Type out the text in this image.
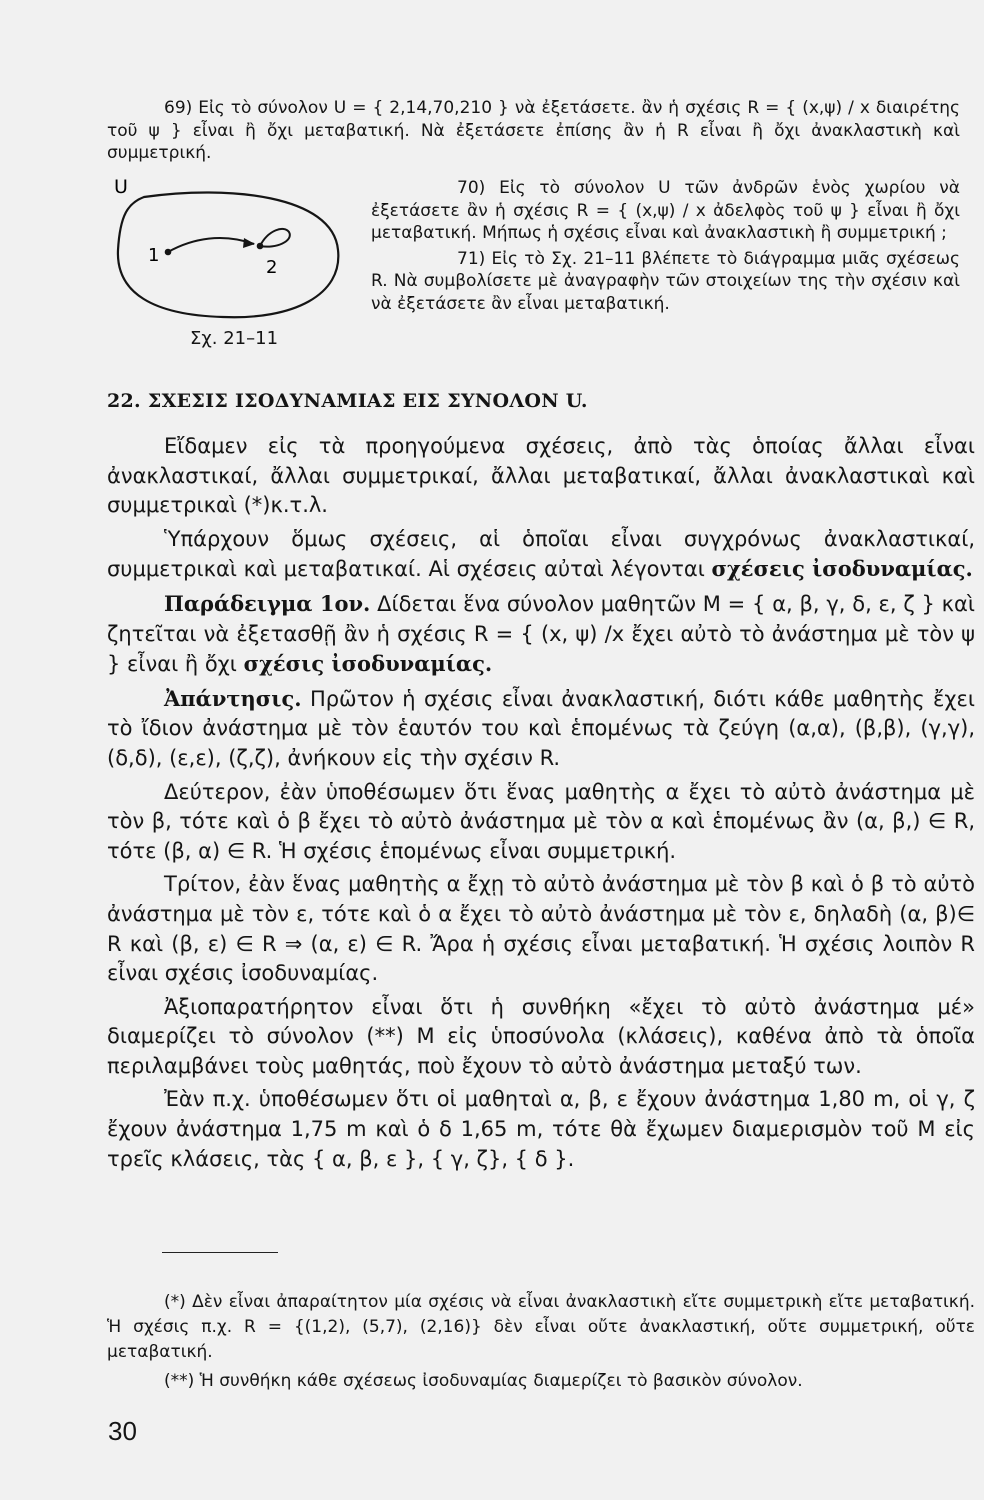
69) Εἰς τὸ σύνολον U = { 2,14,70,210 } νὰ ἐξετάσετε. ἂν ἡ σχέσις R = { (x,ψ) / x διαιρέτης τοῦ ψ } εἶναι ἢ ὄχι μεταβατική. Νὰ ἐξετάσετε ἐπίσης ἂν ἡ R εἶναι ἢ ὄχι ἀνακλαστικὴ καὶ συμμετρική.

U
1
2
Σχ. 21–11

70) Εἰς τὸ σύνολον U τῶν ἀνδρῶν ἑνὸς χωρίου νὰ ἐξετάσετε ἂν ἡ σχέσις R = { (x,ψ) / x ἀδελφὸς τοῦ ψ } εἶναι ἢ ὄχι μεταβατική. Μήπως ἡ σχέσις εἶναι καὶ ἀνακλαστικὴ ἢ συμμετρική ;

71) Εἰς τὸ Σχ. 21–11 βλέπετε τὸ διάγραμμα μιᾶς σχέσεως R. Νὰ συμβολίσετε μὲ ἀναγραφὴν τῶν στοιχείων της τὴν σχέσιν καὶ νὰ ἐξετάσετε ἂν εἶναι μεταβατική.

22. ΣΧΕΣΙΣ ΙΣΟΔΥΝΑΜΙΑΣ ΕΙΣ ΣΥΝΟΛΟΝ U.

Εἴδαμεν εἰς τὰ προηγούμενα σχέσεις, ἀπὸ τὰς ὁποίας ἄλλαι εἶναι ἀνακλαστικαί, ἄλλαι συμμετρικαί, ἄλλαι μεταβατικαί, ἄλλαι ἀνακλαστικαὶ καὶ συμμετρικαὶ (*)κ.τ.λ.

Ὑπάρχουν ὅμως σχέσεις, αἱ ὁποῖαι εἶναι συγχρόνως ἀνακλαστικαί, συμμετρικαὶ καὶ μεταβατικαί. Αἱ σχέσεις αὐταὶ λέγονται σχέσεις ἰσοδυναμίας.

Παράδειγμα 1ον. Δίδεται ἕνα σύνολον μαθητῶν M = { α, β, γ, δ, ε, ζ } καὶ ζητεῖται νὰ ἐξετασθῇ ἂν ἡ σχέσις R = { (x, ψ) /x ἔχει αὐτὸ τὸ ἀνάστημα μὲ τὸν ψ } εἶναι ἢ ὄχι σχέσις ἰσοδυναμίας.

Ἀπάντησις. Πρῶτον ἡ σχέσις εἶναι ἀνακλαστική, διότι κάθε μαθητὴς ἔχει τὸ ἴδιον ἀνάστημα μὲ τὸν ἑαυτόν του καὶ ἑπομένως τὰ ζεύγη (α,α), (β,β), (γ,γ), (δ,δ), (ε,ε), (ζ,ζ), ἀνήκουν εἰς τὴν σχέσιν R.

Δεύτερον, ἐὰν ὑποθέσωμεν ὅτι ἕνας μαθητὴς α ἔχει τὸ αὐτὸ ἀνάστημα μὲ τὸν β, τότε καὶ ὁ β ἔχει τὸ αὐτὸ ἀνάστημα μὲ τὸν α καὶ ἑπομένως ἂν (α, β,) ∈ R, τότε (β, α) ∈ R. Ἡ σχέσις ἑπομένως εἶναι συμμετρική.

Τρίτον, ἐὰν ἕνας μαθητὴς α ἔχῃ τὸ αὐτὸ ἀνάστημα μὲ τὸν β καὶ ὁ β τὸ αὐτὸ ἀνάστημα μὲ τὸν ε, τότε καὶ ὁ α ἔχει τὸ αὐτὸ ἀνάστημα μὲ τὸν ε, δηλαδὴ (α, β)∈ R καὶ (β, ε) ∈ R ⇒ (α, ε) ∈ R. Ἄρα ἡ σχέσις εἶναι μεταβατική. Ἡ σχέσις λοιπὸν R εἶναι σχέσις ἰσοδυναμίας.

Ἀξιοπαρατήρητον εἶναι ὅτι ἡ συνθήκη «ἔχει τὸ αὐτὸ ἀνάστημα μέ» διαμερίζει τὸ σύνολον (**) M εἰς ὑποσύνολα (κλάσεις), καθένα ἀπὸ τὰ ὁποῖα περιλαμβάνει τοὺς μαθητάς, ποὺ ἔχουν τὸ αὐτὸ ἀνάστημα μεταξύ των.

Ἐὰν π.χ. ὑποθέσωμεν ὅτι οἱ μαθηταὶ α, β, ε ἔχουν ἀνάστημα 1,80 m, οἱ γ, ζ ἔχουν ἀνάστημα 1,75 m καὶ ὁ δ 1,65 m, τότε θὰ ἔχωμεν διαμερισμὸν τοῦ M εἰς τρεῖς κλάσεις, τὰς { α, β, ε }, { γ, ζ}, { δ }.

(*) Δὲν εἶναι ἀπαραίτητον μία σχέσις νὰ εἶναι ἀνακλαστικὴ εἴτε συμμετρικὴ εἴτε μεταβατική. Ἡ σχέσις π.χ. R = {(1,2), (5,7), (2,16)} δὲν εἶναι οὔτε ἀνακλαστική, οὔτε συμμετρική, οὔτε μεταβατική.

(**) Ἡ συνθήκη κάθε σχέσεως ἰσοδυναμίας διαμερίζει τὸ βασικὸν σύνολον.

30
